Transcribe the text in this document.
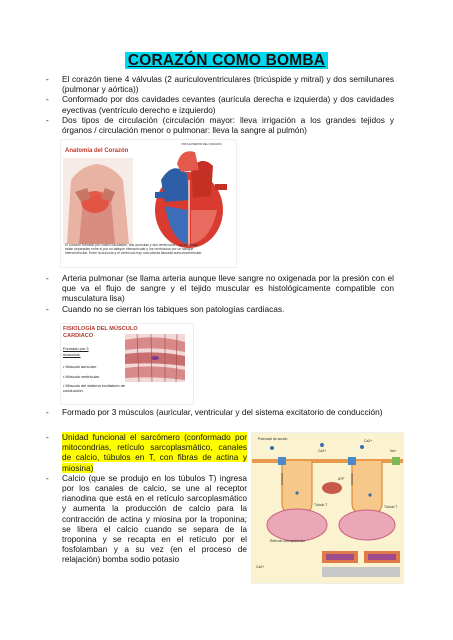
CORAZÓN COMO BOMBA
- El corazón tiene 4 válvulas (2 auriculoventriculares (tricúspide y mitral) y dos semilunares (pulmonar y aórtica))
- Conformado por dos cavidades cevantes (aurícula derecha e izquierda) y dos cavidades eyectivas (ventrículo derecho e izquierdo)
- Dos tipos de circulación (circulación mayor: lleva irrigación a los grandes tejidos y órganos / circulación menor o pulmonar: lleva la sangre al pulmón)
Anatomía del Corazón
VISTA ANTERIOR DEL CORAZÓN
El corazón formado por cuatro cavidades, dos aurículas y dos ventrículos. Las aurículas están separadas entre sí por un tabique interauricular y los ventrículos por un tabique interventricular. Entre la aurícula y el ventrículo hay una válvula llamada auriculoventricular.
- Arteria pulmonar (se llama arteria aunque lleve sangre no oxigenada por la presión con el que va el flujo de sangre y el tejido muscular es histológicamente compatible con musculatura lisa)
- Cuando no se cierran los tabiques son patologías cardiacas.
FISIOLOGÍA DEL MÚSCULO
CARDIACO
Formado por 3
músculos:
• Músculo auricular.
• Músculo ventricular.
• Músculo del sistema excitatorio de conducción.
- Formado por 3 músculos (auricular, ventricular y del sistema excitatorio de conducción)
- Unidad funcional el sarcómero (conformado por mitocondrias, retículo sarcoplasmático, canales de calcio, túbulos en T, con fibras de actina y miosina)
- Calcio (que se produjo en los túbulos T) ingresa por los canales de calcio, se une al receptor rianodina que está en el retículo sarcoplasmático y aumenta la producción de calcio para la contracción de actina y miosina por la troponina; se libera el calcio cuando se separa de la troponina y se recapta en el retículo por el fosfolamban y a su vez (en el proceso de relajación) bomba sodio potasio
Potencial de acción
Ca2+
Retículo sarcoplásmico
Túbulo T
Ca2+
Na+
ATP
Ca2+
Túbulo T
